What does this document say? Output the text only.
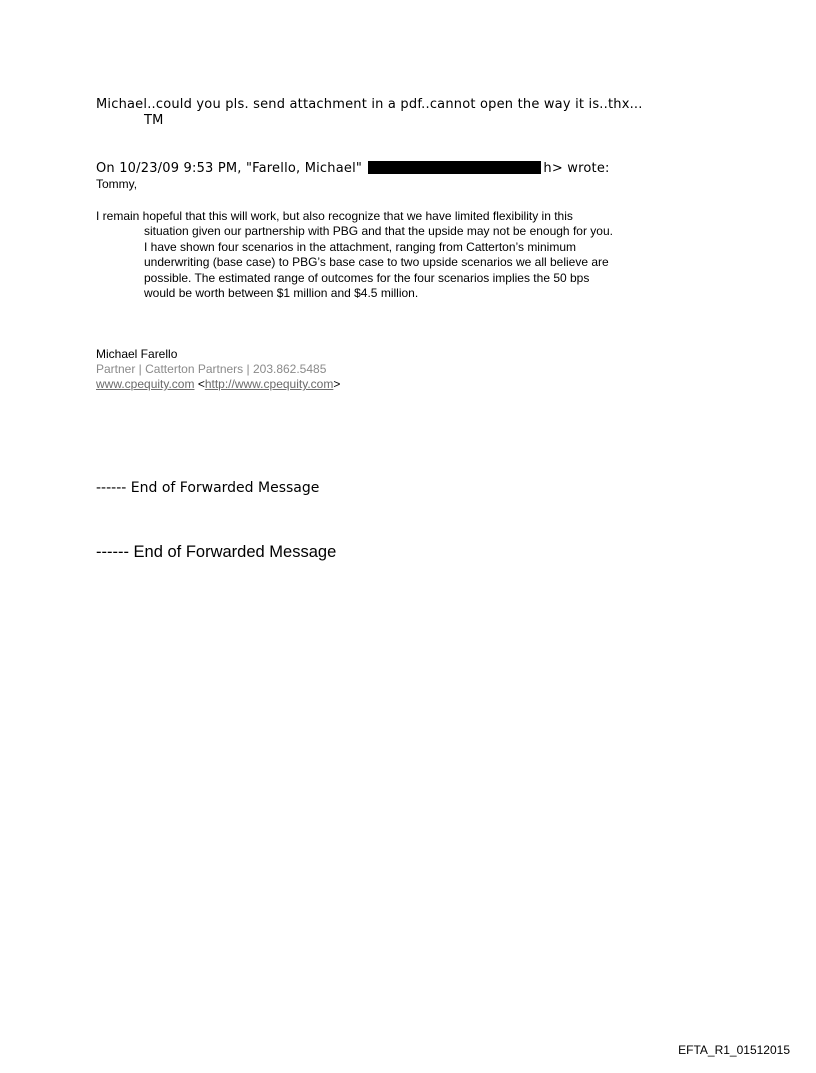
Michael..could you pls. send attachment in a pdf..cannot open the way it is..thx...
TM
On 10/23/09 9:53 PM, "Farello, Michael"	h> wrote:
Tommy,
I remain hopeful that this will work, but also recognize that we have limited flexibility in this
situation given our partnership with PBG and that the upside may not be enough for you.
I have shown four scenarios in the attachment, ranging from Catterton’s minimum
underwriting (base case) to PBG’s base case to two upside scenarios we all believe are
possible. The estimated range of outcomes for the four scenarios implies the 50 bps
would be worth between $1 million and $4.5 million.
Michael Farello
Partner | Catterton Partners | 203.862.5485
www.cpequity.com <http://www.cpequity.com>
------ End of Forwarded Message
------ End of Forwarded Message
EFTA_R1_01512015
